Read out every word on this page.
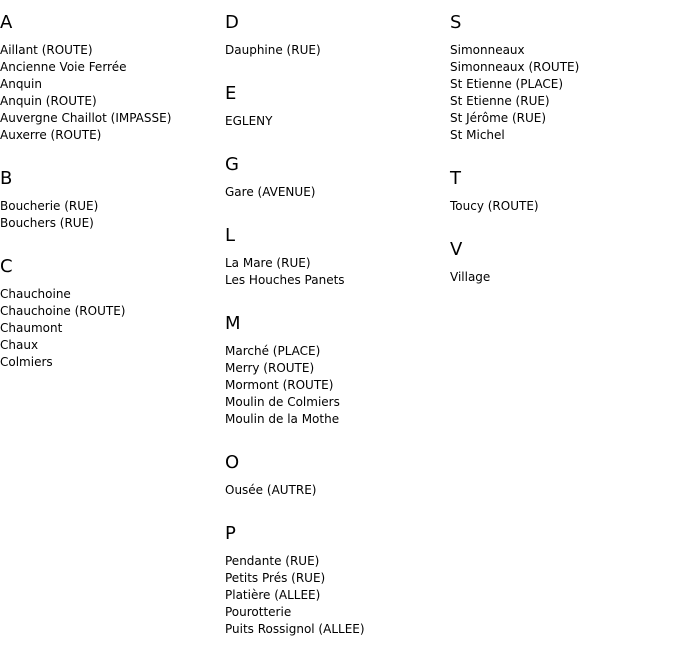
A
Aillant (ROUTE)
Ancienne Voie Ferrée
Anquin
Anquin (ROUTE)
Auvergne Chaillot (IMPASSE)
Auxerre (ROUTE)
B
Boucherie (RUE)
Bouchers (RUE)
C
Chauchoine
Chauchoine (ROUTE)
Chaumont
Chaux
Colmiers
D
Dauphine (RUE)
E
EGLENY
G
Gare (AVENUE)
L
La Mare (RUE)
Les Houches Panets
M
Marché (PLACE)
Merry (ROUTE)
Mormont (ROUTE)
Moulin de Colmiers
Moulin de la Mothe
O
Ousée (AUTRE)
P
Pendante (RUE)
Petits Prés (RUE)
Platière (ALLEE)
Pourotterie
Puits Rossignol (ALLEE)
S
Simonneaux
Simonneaux (ROUTE)
St Etienne (PLACE)
St Etienne (RUE)
St Jérôme (RUE)
St Michel
T
Toucy (ROUTE)
V
Village
